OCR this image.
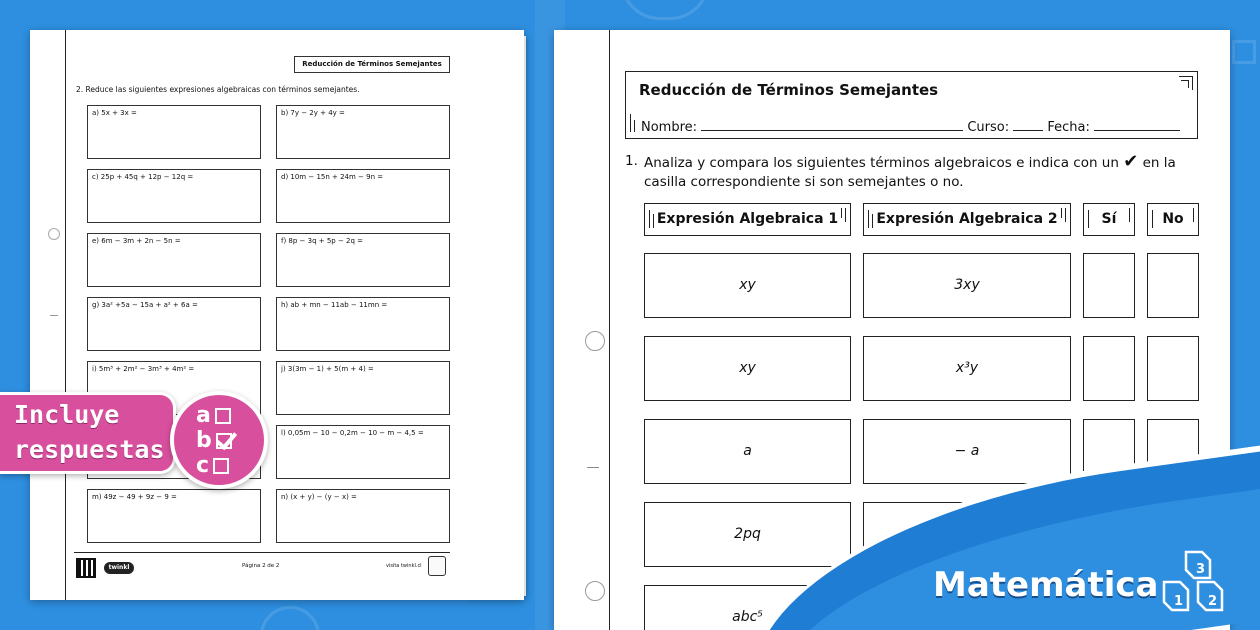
Reducción de Términos Semejantes
2. Reduce las siguientes expresiones algebraicas con términos semejantes.
a) 5x + 3x =	b) 7y − 2y + 4y =
c) 25p + 45q + 12p − 12q =	d) 10m − 15n + 24m − 9n =
e) 6m − 3m + 2n − 5n =	f) 8p − 3q + 5p − 2q =
g) 3a² +5a − 15a + a² + 6a =	h) ab + mn − 11ab − 11mn =
i) 5m³ + 2m² − 3m³ + 4m² =	j) 3(3m − 1) + 5(m + 4) =
l) 0,05m − 10 − 0,2m − 10 − m − 4,5 =
m) 49z − 49 + 9z − 9 =	n) (x + y) − (y − x) =
twinkl	Página 2 de 2	visita twinkl.cl
Reducción de Términos Semejantes
Nombre:	Curso:	Fecha:
1. Analiza y compara los siguientes términos algebraicos e indica con un ✔ en la casilla correspondiente si son semejantes o no.
Expresión Algebraica 1	Expresión Algebraica 2	Sí	No
xy	3xy
xy	x³y
a	− a
2pq
abc⁵
Matemática	3
1 2
Incluye
respuestas
a
b
c
